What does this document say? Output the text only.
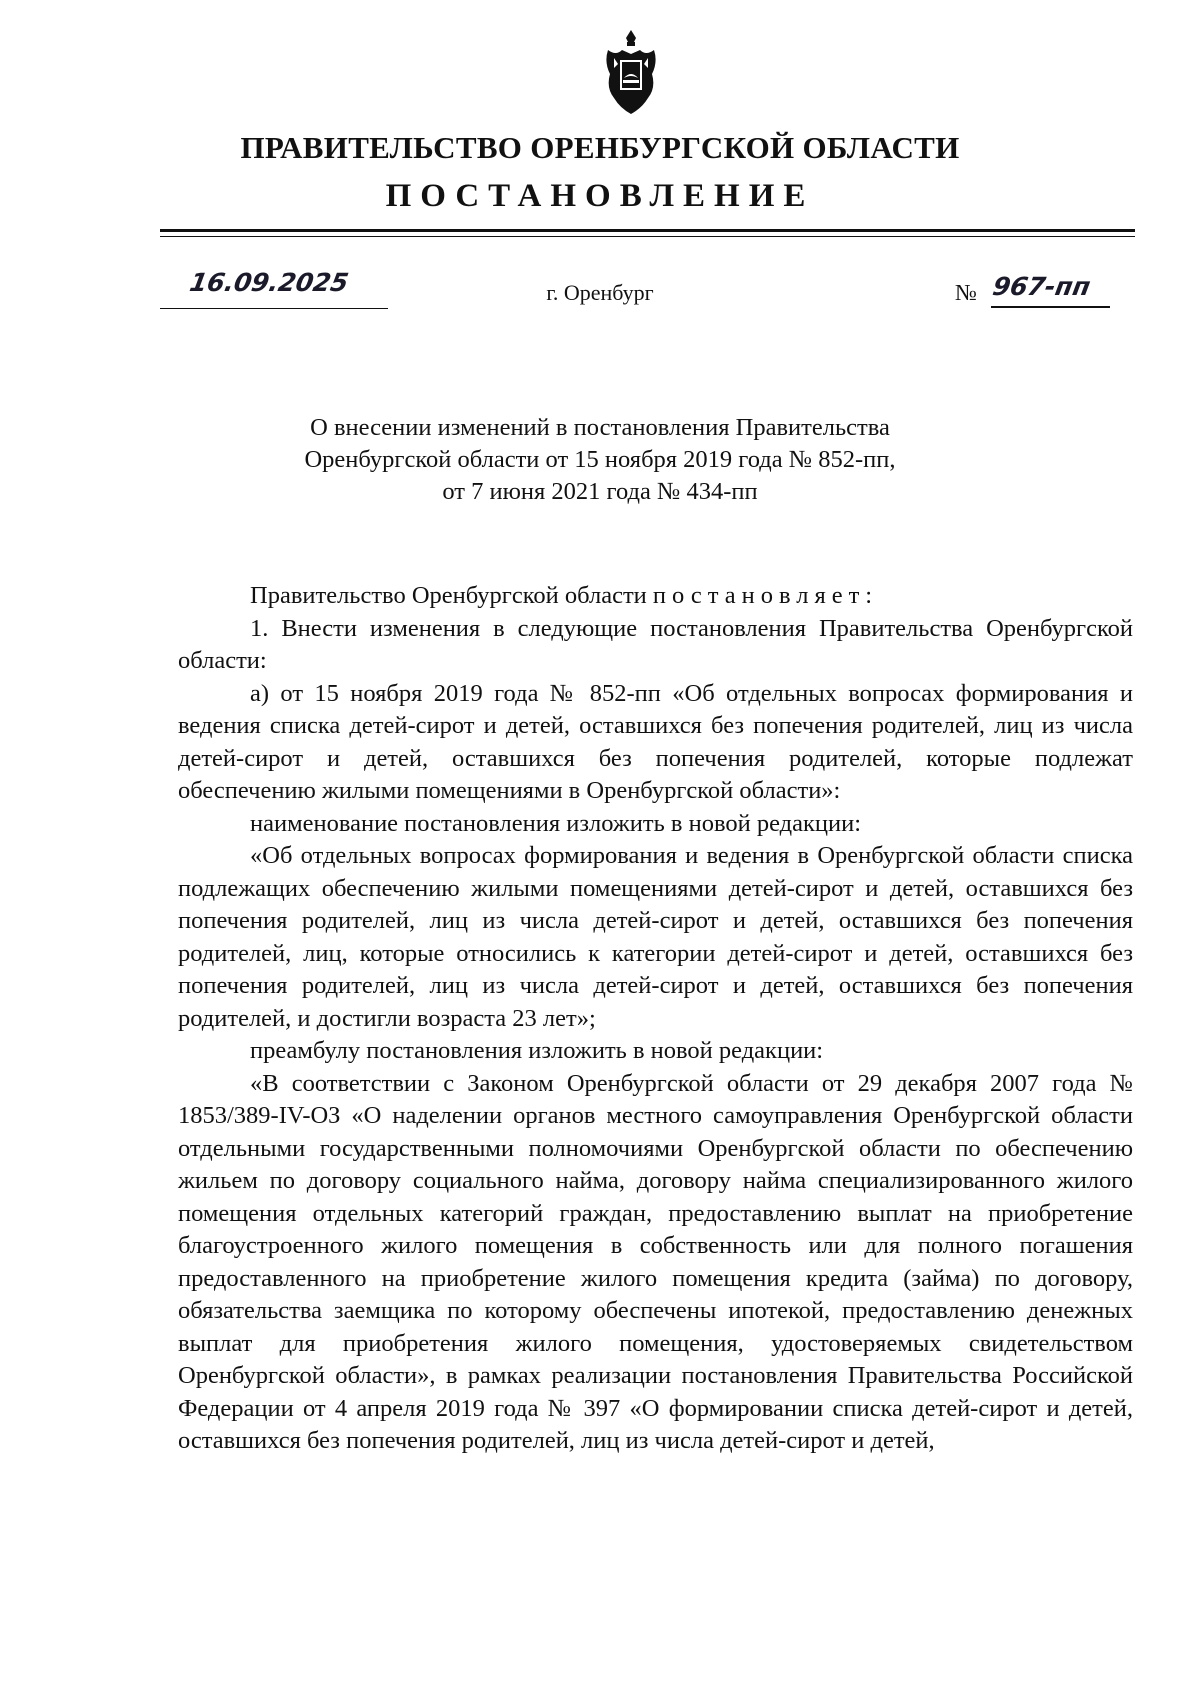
ПРАВИТЕЛЬСТВО ОРЕНБУРГСКОЙ ОБЛАСТИ
ПОСТАНОВЛЕНИЕ
16.09.2025	г. Оренбург	№ 967-пп
О внесении изменений в постановления Правительства
Оренбургской области от 15 ноября 2019 года № 852-пп,
от 7 июня 2021 года № 434-пп

Правительство Оренбургской области постановляет:

1. Внести изменения в следующие постановления Правительства Оренбургской области:

а) от 15 ноября 2019 года № 852-пп «Об отдельных вопросах формирования и ведения списка детей-сирот и детей, оставшихся без попечения родителей, лиц из числа детей-сирот и детей, оставшихся без попечения родителей, которые подлежат обеспечению жилыми помещениями в Оренбургской области»:

наименование постановления изложить в новой редакции:

«Об отдельных вопросах формирования и ведения в Оренбургской области списка подлежащих обеспечению жилыми помещениями детей-сирот и детей, оставшихся без попечения родителей, лиц из числа детей-сирот и детей, оставшихся без попечения родителей, лиц, которые относились к категории детей-сирот и детей, оставшихся без попечения родителей, лиц из числа детей-сирот и детей, оставшихся без попечения родителей, и достигли возраста 23 лет»;

преамбулу постановления изложить в новой редакции:

«В соответствии с Законом Оренбургской области от 29 декабря 2007 года № 1853/389-IV-ОЗ «О наделении органов местного самоуправления Оренбургской области отдельными государственными полномочиями Оренбургской области по обеспечению жильем по договору социального найма, договору найма специализированного жилого помещения отдельных категорий граждан, предоставлению выплат на приобретение благоустроенного жилого помещения в собственность или для полного погашения предоставленного на приобретение жилого помещения кредита (займа) по договору, обязательства заемщика по которому обеспечены ипотекой, предоставлению денежных выплат для приобретения жилого помещения, удостоверяемых свидетельством Оренбургской области», в рамках реализации постановления Правительства Российской Федерации от 4 апреля 2019 года № 397 «О формировании списка детей-сирот и детей, оставшихся без попечения родителей, лиц из числа детей-сирот и детей,
